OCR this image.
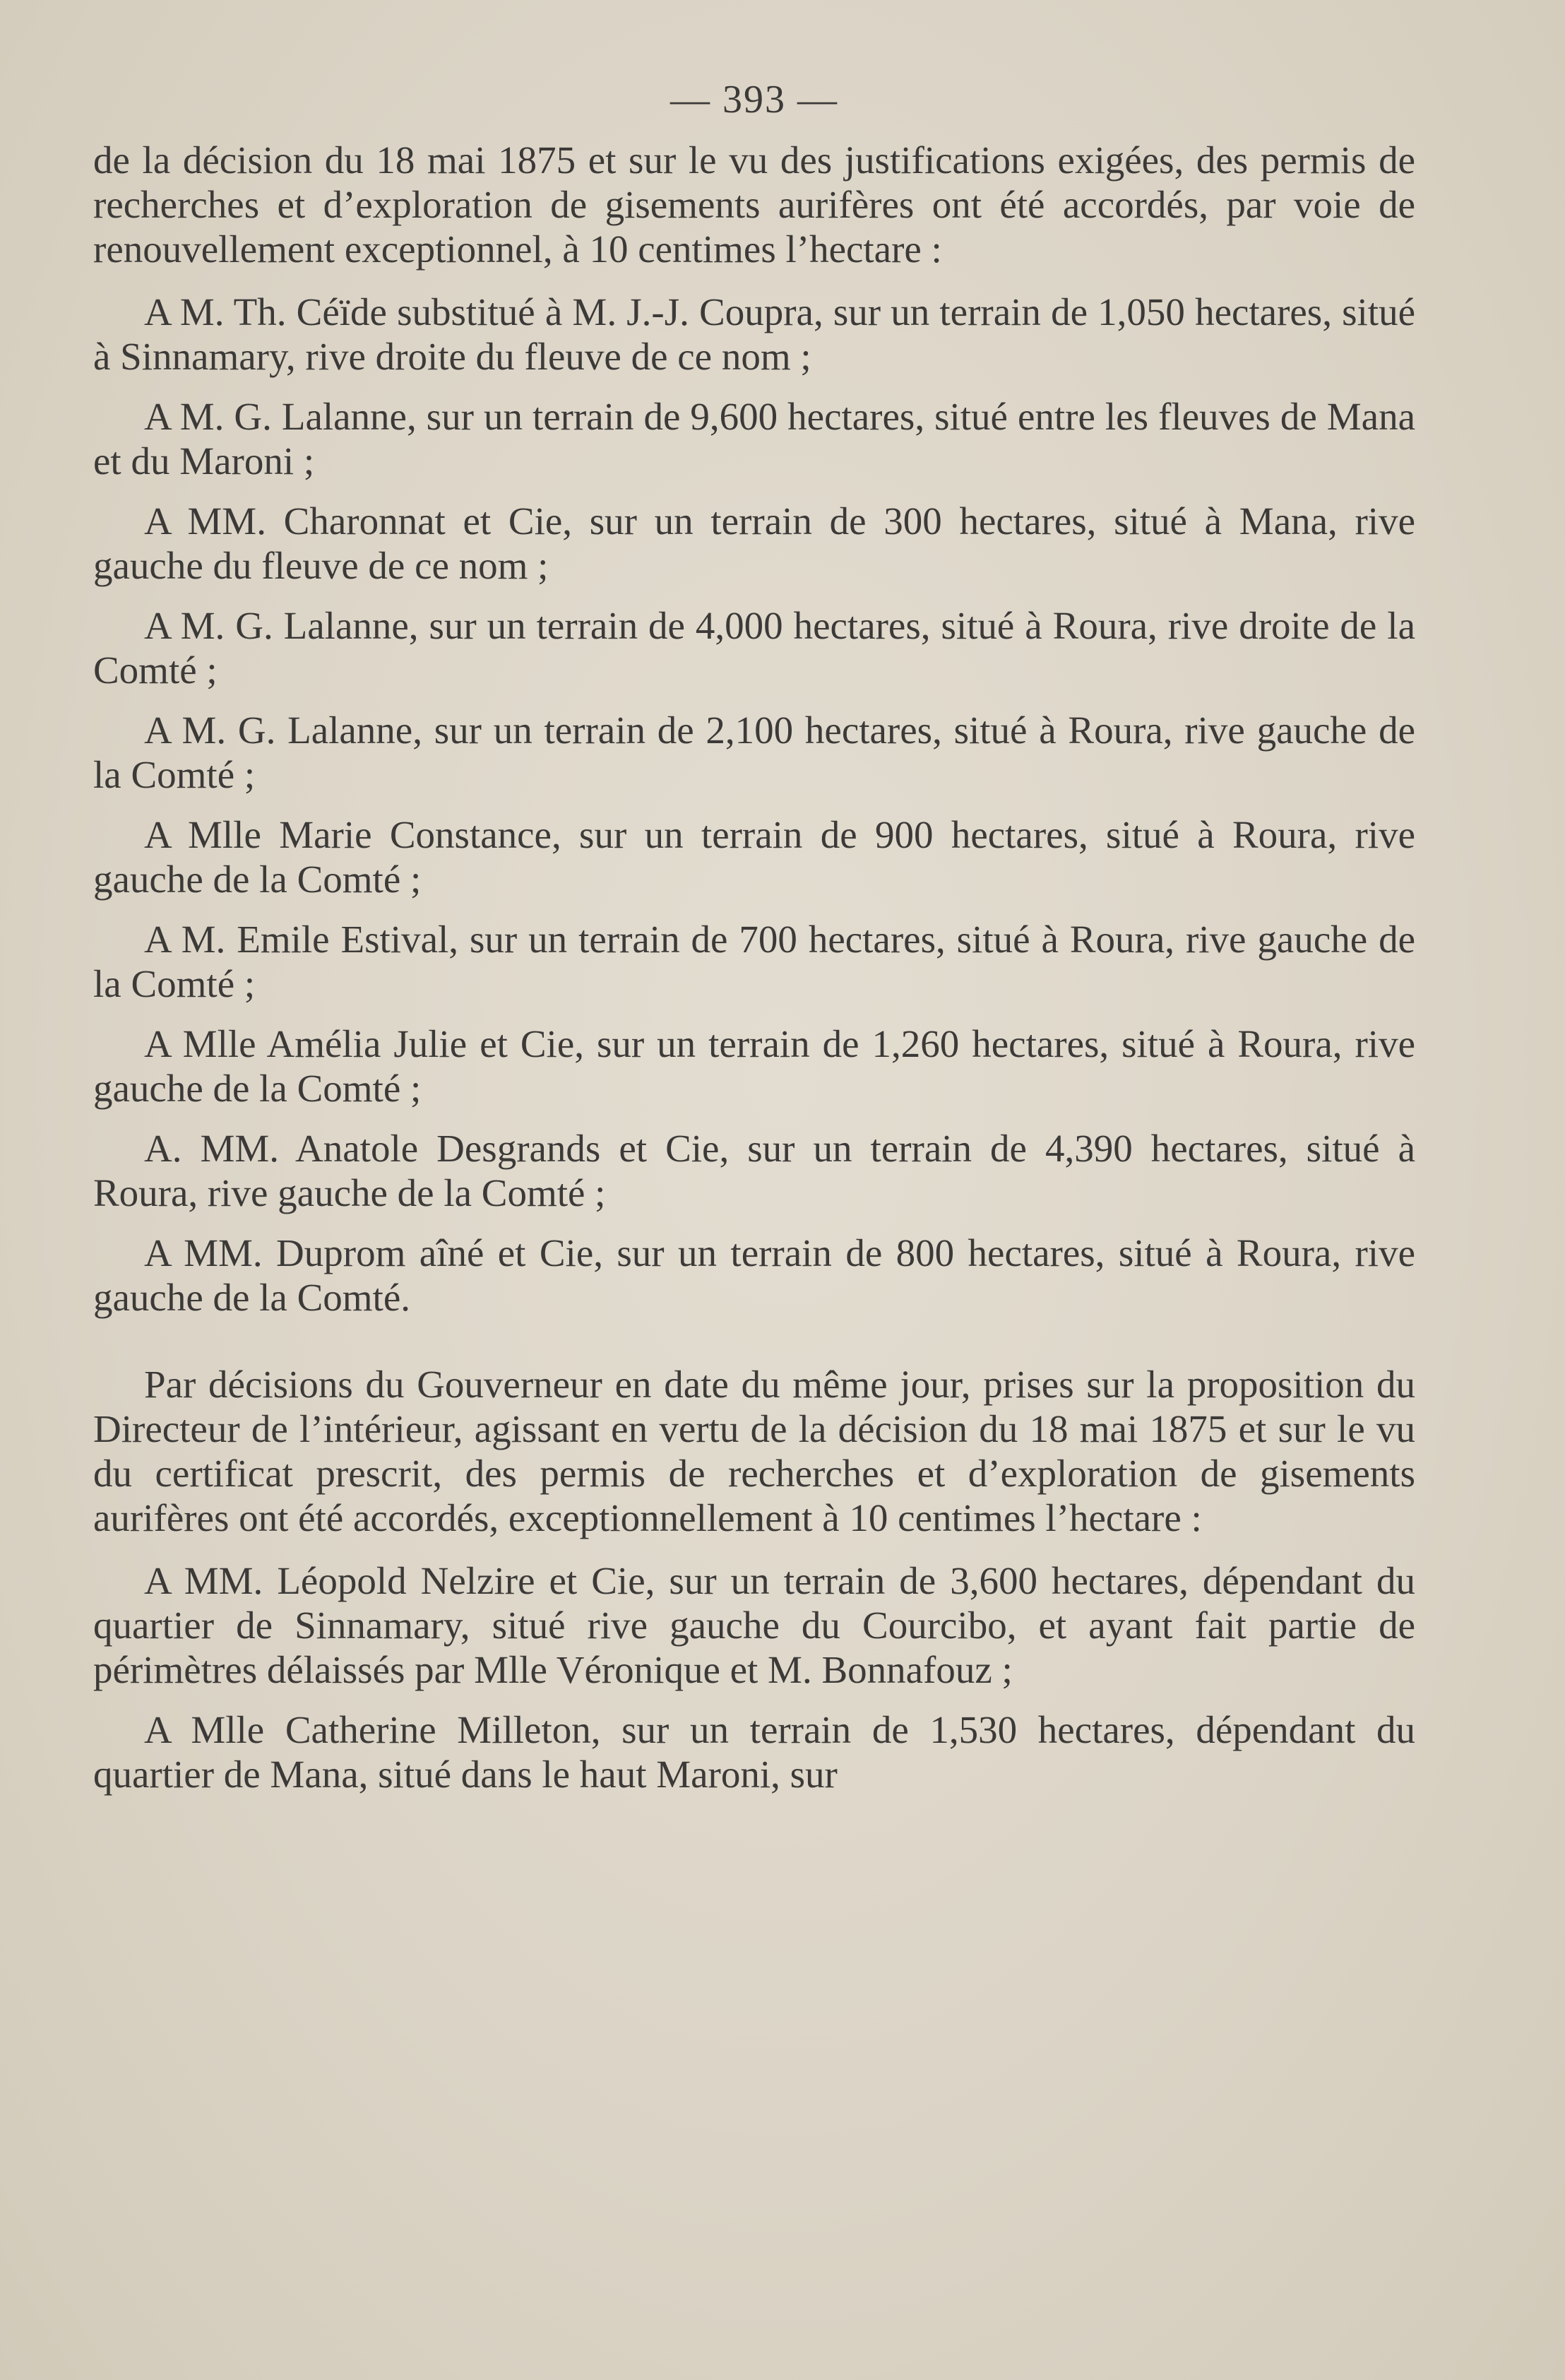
— 393 —

de la décision du 18 mai 1875 et sur le vu des justifications exigées, des permis de recherches et d’exploration de gisements aurifères ont été accordés, par voie de renouvellement exceptionnel, à 10 centimes l’hectare :

A M. Th. Céïde substitué à M. J.-J. Coupra, sur un terrain de 1,050 hectares, situé à Sinnamary, rive droite du fleuve de ce nom ;

A M. G. Lalanne, sur un terrain de 9,600 hectares, situé entre les fleuves de Mana et du Maroni ;

A MM. Charonnat et Cie, sur un terrain de 300 hectares, situé à Mana, rive gauche du fleuve de ce nom ;

A M. G. Lalanne, sur un terrain de 4,000 hectares, situé à Roura, rive droite de la Comté ;

A M. G. Lalanne, sur un terrain de 2,100 hectares, situé à Roura, rive gauche de la Comté ;

A Mlle Marie Constance, sur un terrain de 900 hectares, situé à Roura, rive gauche de la Comté ;

A M. Emile Estival, sur un terrain de 700 hectares, situé à Roura, rive gauche de la Comté ;

A Mlle Amélia Julie et Cie, sur un terrain de 1,260 hectares, situé à Roura, rive gauche de la Comté ;

A. MM. Anatole Desgrands et Cie, sur un terrain de 4,390 hectares, situé à Roura, rive gauche de la Comté ;

A MM. Duprom aîné et Cie, sur un terrain de 800 hectares, situé à Roura, rive gauche de la Comté.

Par décisions du Gouverneur en date du même jour, prises sur la proposition du Directeur de l’intérieur, agissant en vertu de la décision du 18 mai 1875 et sur le vu du certificat prescrit, des permis de recherches et d’exploration de gisements aurifères ont été accordés, exceptionnellement à 10 centimes l’hectare :

A MM. Léopold Nelzire et Cie, sur un terrain de 3,600 hectares, dépendant du quartier de Sinnamary, situé rive gauche du Courcibo, et ayant fait partie de périmètres délaissés par Mlle Véronique et M. Bonnafouz ;

A Mlle Catherine Milleton, sur un terrain de 1,530 hectares, dépendant du quartier de Mana, situé dans le haut Maroni, sur
